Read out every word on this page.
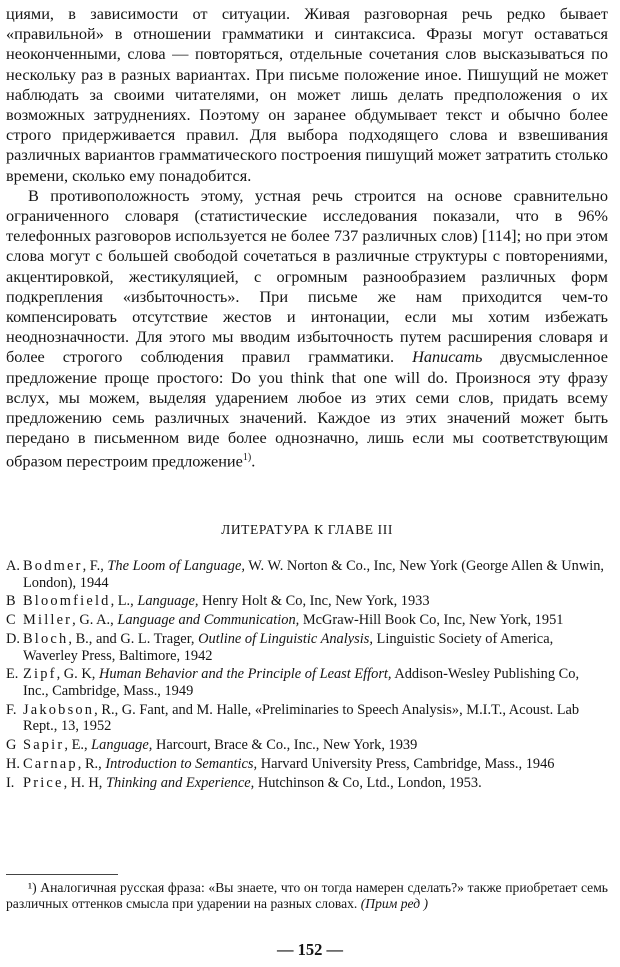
циями, в зависимости от ситуации. Живая разговорная речь редко бывает «правильной» в отношении грамматики и синтаксиса. Фразы могут оставаться неоконченными, слова — повторяться, отдельные сочетания слов высказываться по нескольку раз в разных вариантах. При письме положение иное. Пишущий не может наблюдать за своими читателями, он может лишь делать предположения о их возможных затруднениях. Поэтому он заранее обдумывает текст и обычно более строго придерживается правил. Для выбора подходящего слова и взвешивания различных вариантов грамматического построения пишущий может затратить столько времени, сколько ему понадобится.

В противоположность этому, устная речь строится на основе сравнительно ограниченного словаря (статистические исследования показали, что в 96% телефонных разговоров используется не более 737 различных слов) [114]; но при этом слова могут с большей свободой сочетаться в различные структуры с повторениями, акцентировкой, жестикуляцией, с огромным разнообразием различных форм подкрепления «избыточность». При письме же нам приходится чем-то компенсировать отсутствие жестов и интонации, если мы хотим избежать неоднозначности. Для этого мы вводим избыточность путем расширения словаря и более строгого соблюдения правил грамматики. Написать двусмысленное предложение проще простого: Do you think that one will do. Произнося эту фразу вслух, мы можем, выделяя ударением любое из этих семи слов, придать всему предложению семь различных значений. Каждое из этих значений может быть передано в письменном виде более однозначно, лишь если мы соответствующим образом перестроим предложение$^{1)}$.

ЛИТЕРАТУРА К ГЛАВЕ III
A. Bodmer, F., The Loom of Language, W. W. Norton & Co., Inc, New York (George Allen & Unwin, London), 1944
B Bloomfield, L., Language, Henry Holt & Co, Inc, New York, 1933
C Miller, G. A., Language and Communication, McGraw-Hill Book Co, Inc, New York, 1951
D. Bloch, B., and G. L. Trager, Outline of Linguistic Analysis, Linguistic Society of America, Waverley Press, Baltimore, 1942
E. Zipf, G. K, Human Behavior and the Principle of Least Effort, Addison-Wesley Publishing Co, Inc., Cambridge, Mass., 1949
F. Jakobson, R., G. Fant, and M. Halle, «Preliminaries to Speech Analysis», M.I.T., Acoust. Lab Rept., 13, 1952
G Sapir, E., Language, Harcourt, Brace & Co., Inc., New York, 1939
H. Carnap, R., Introduction to Semantics, Harvard University Press, Cambridge, Mass., 1946
I. Price, H. H, Thinking and Experience, Hutchinson & Co, Ltd., London, 1953.

¹) Аналогичная русская фраза: «Вы знаете, что он тогда намерен сделать?» также приобретает семь различных оттенков смысла при ударении на разных словах. (Прим ред )

— 152 —
